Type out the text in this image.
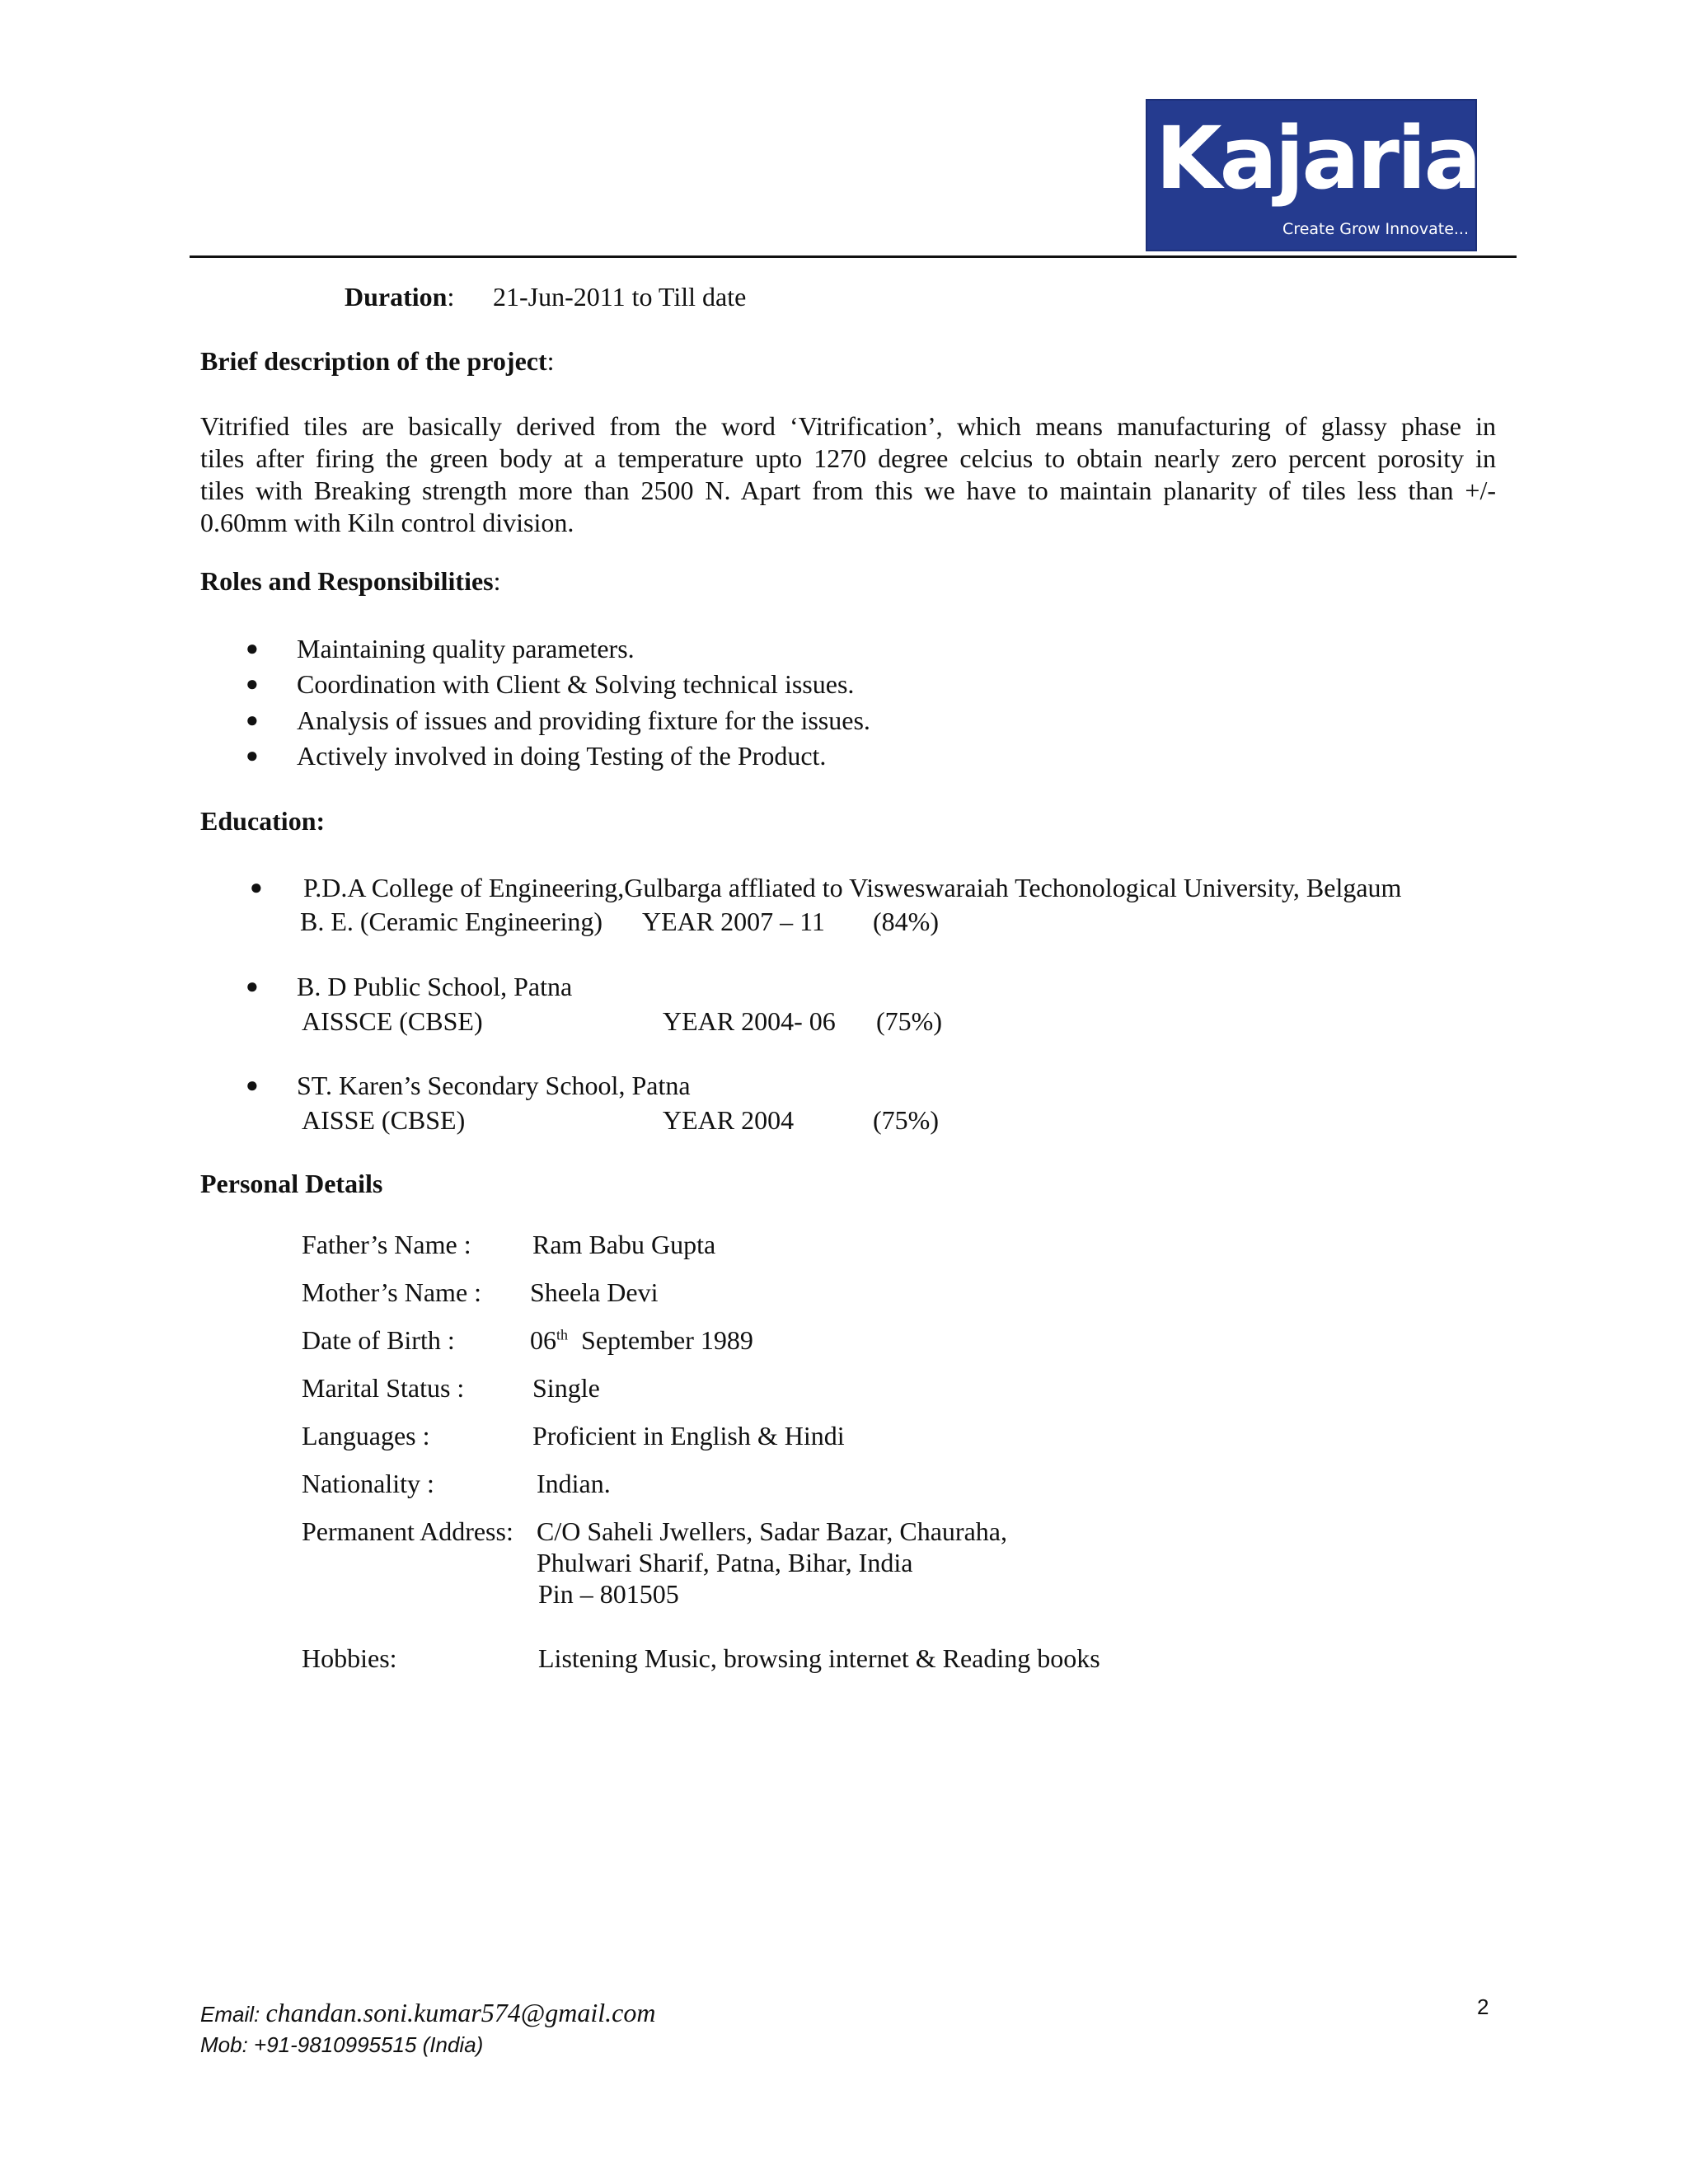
Kajaria
Create Grow Innovate...
Duration: 21-Jun-2011 to Till date
Brief description of the project:
Vitrified tiles are basically derived from the word ‘Vitrification’, which means manufacturing of glassy phase in
tiles after firing the green body at a temperature upto 1270 degree celcius to obtain nearly zero percent porosity in
tiles with Breaking strength more than 2500 N. Apart from this we have to maintain planarity of tiles less than +/-
0.60mm with Kiln control division.
Roles and Responsibilities:
● Maintaining quality parameters.
● Coordination with Client & Solving technical issues.
● Analysis of issues and providing fixture for the issues.
● Actively involved in doing Testing of the Product.
Education:
● P.D.A College of Engineering,Gulbarga affliated to Visweswaraiah Techonological University, Belgaum
B. E. (Ceramic Engineering) YEAR 2007 – 11 (84%)
● B. D Public School, Patna
AISSCE (CBSE)	YEAR 2004- 06 (75%)
● ST. Karen’s Secondary School, Patna
AISSE (CBSE)	YEAR 2004	(75%)
Personal Details
Father’s Name : Ram Babu Gupta
Mother’s Name : Sheela Devi
Date of Birth :	06th September 1989
Marital Status :	Single
Languages :	Proficient in English & Hindi
Nationality :	Indian.
Permanent Address: C/O Saheli Jwellers, Sadar Bazar, Chauraha,
Phulwari Sharif, Patna, Bihar, India
Pin – 801505
Hobbies:	Listening Music, browsing internet & Reading books
Email: chandan.soni.kumar574@gmail.com
Mob: +91-9810995515 (India)
2
